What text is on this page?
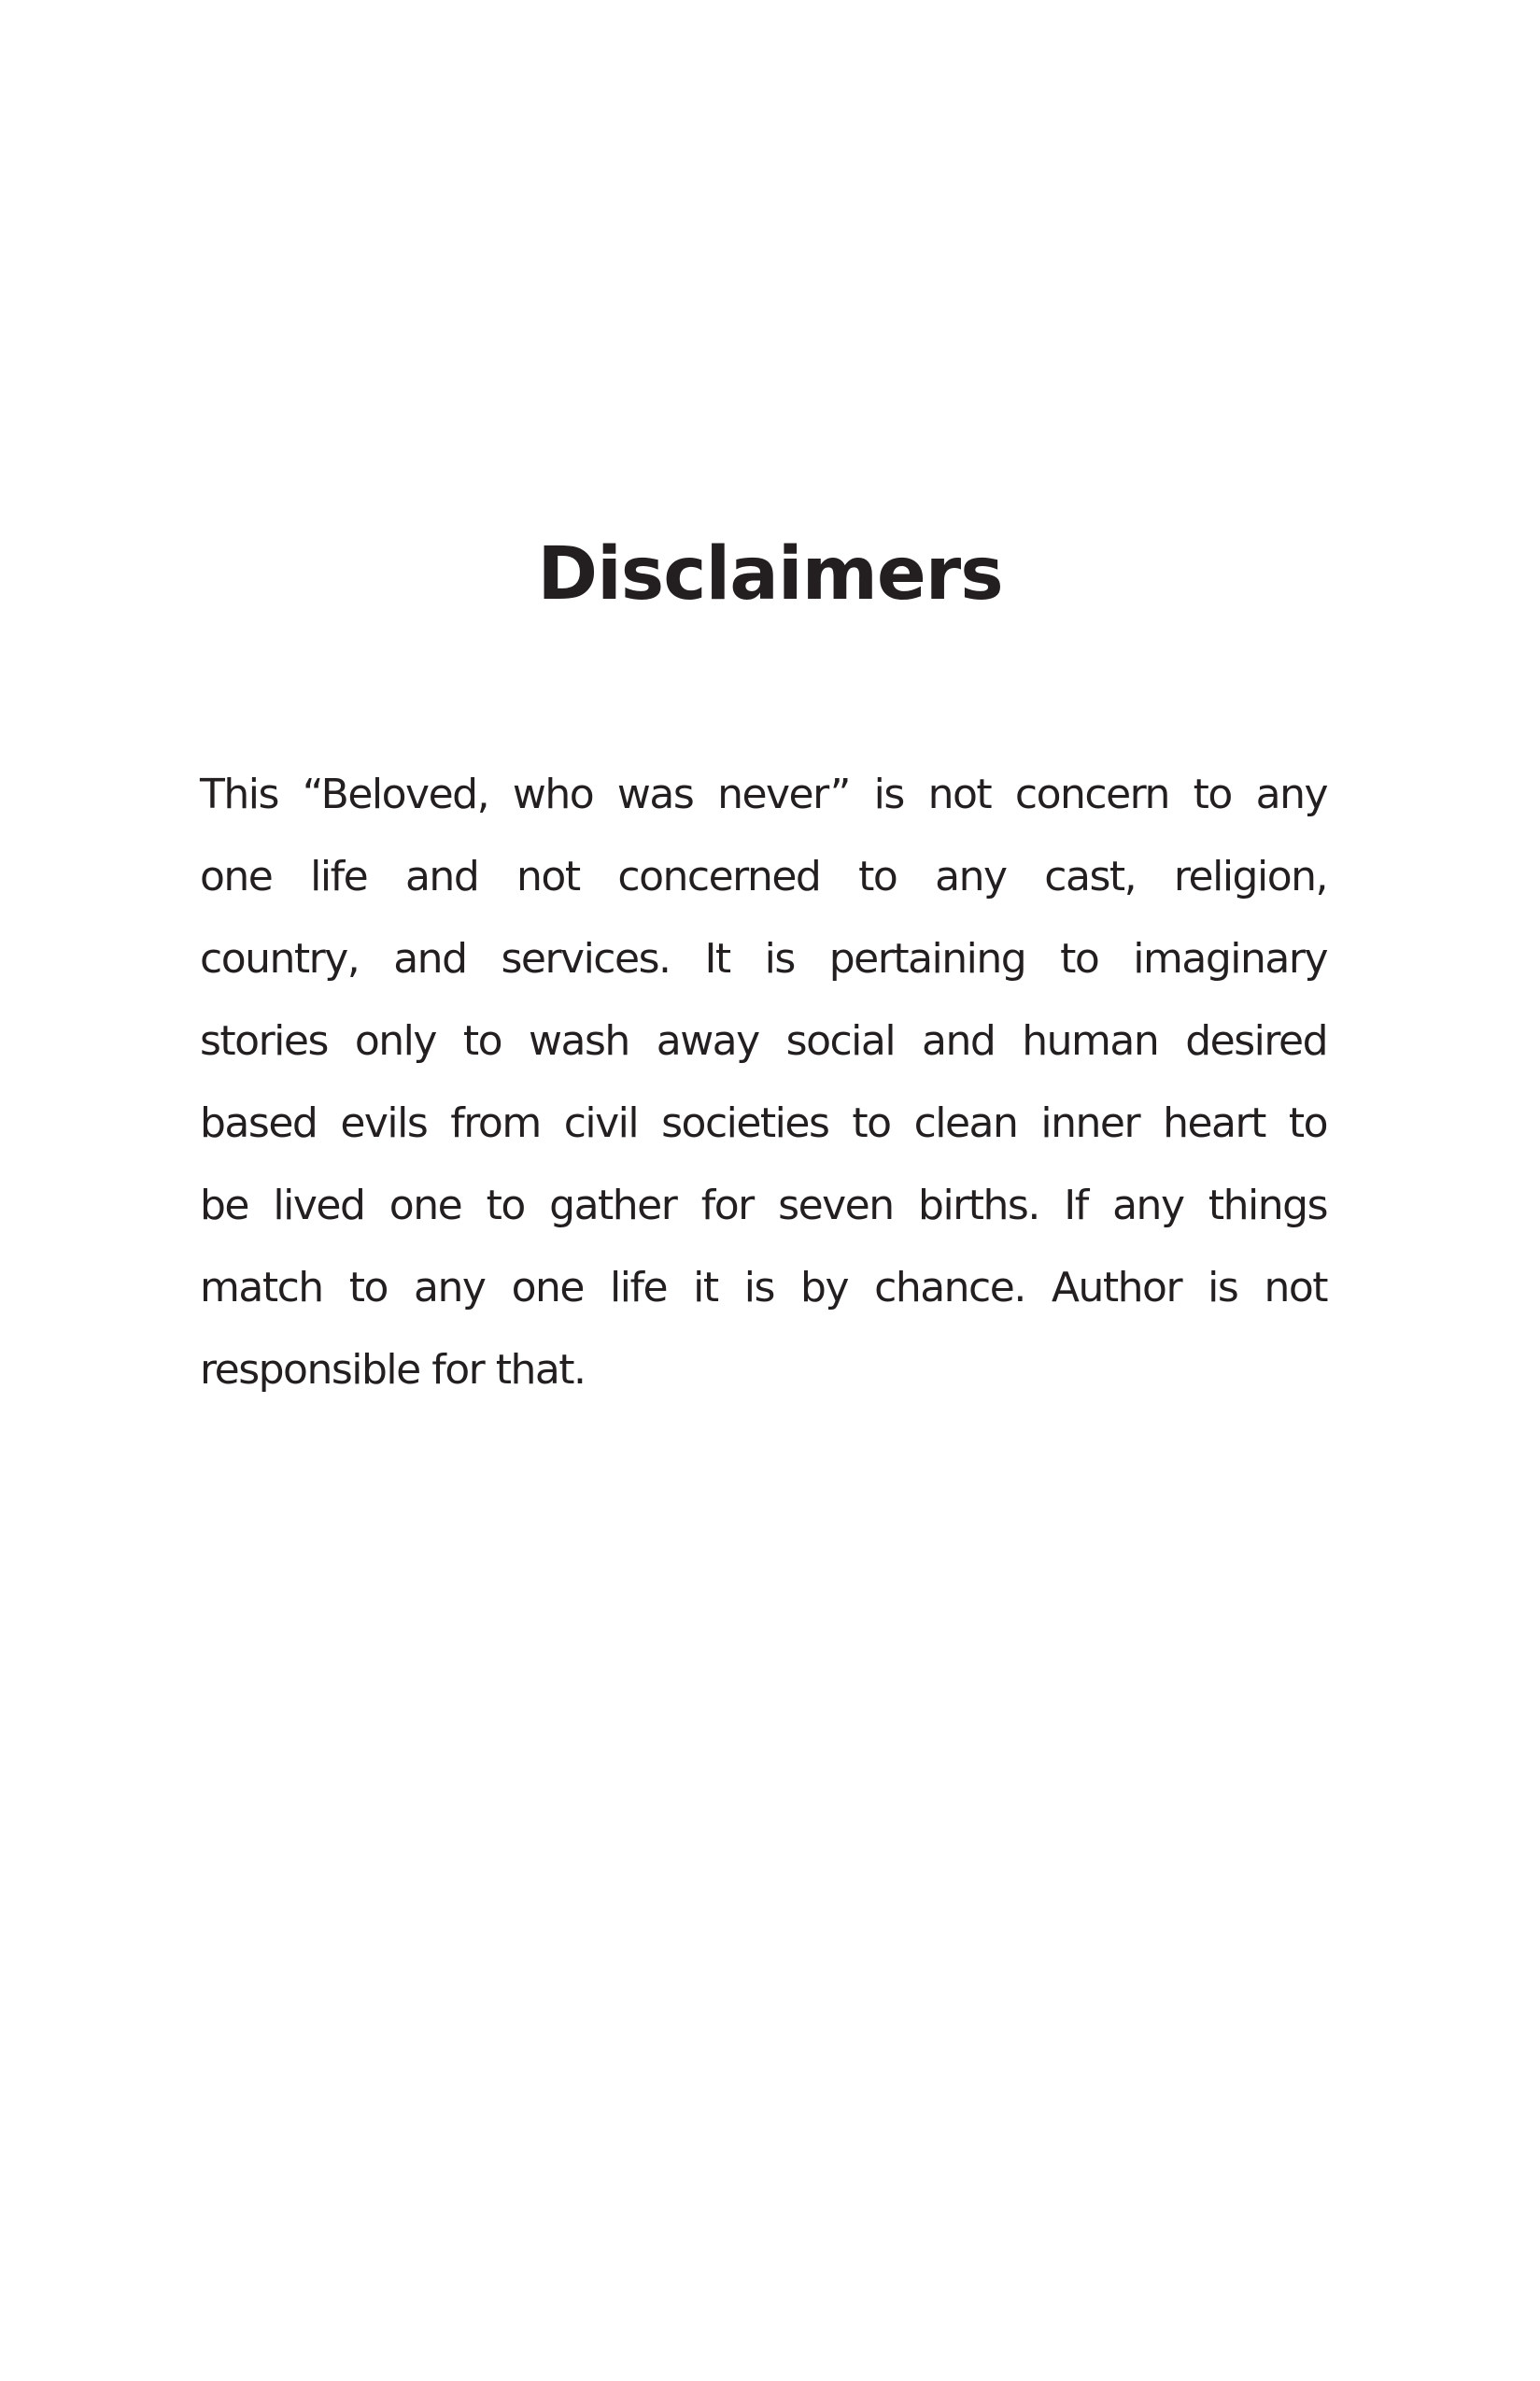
Disclaimers
This “Beloved, who was never” is not concern to any
one life and not concerned to any cast, religion,
country, and services. It is pertaining to imaginary
stories only to wash away social and human desired
based evils from civil societies to clean inner heart to
be lived one to gather for seven births. If any things
match to any one life it is by chance. Author is not
responsible for that.
